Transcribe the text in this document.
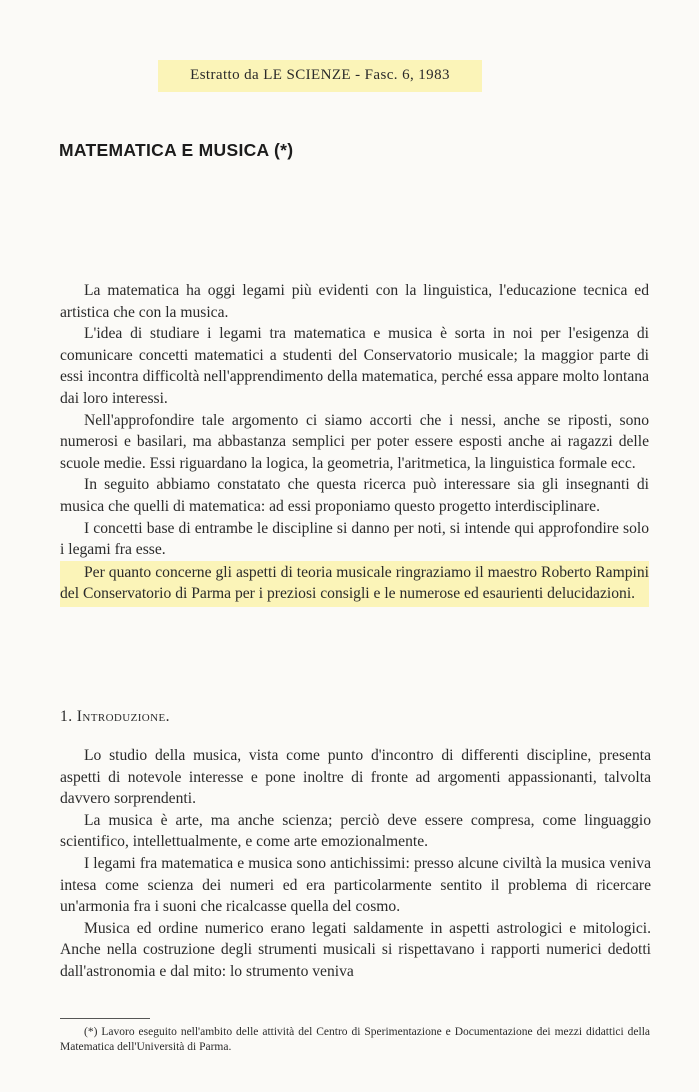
Estratto da LE SCIENZE - Fasc. 6, 1983
MATEMATICA E MUSICA (*)

La matematica ha oggi legami più evidenti con la linguistica, l'educazione tecnica ed artistica che con la musica.

L'idea di studiare i legami tra matematica e musica è sorta in noi per l'esigenza di comunicare concetti matematici a studenti del Conservatorio musicale; la maggior parte di essi incontra difficoltà nell'apprendimento della matematica, perché essa appare molto lontana dai loro interessi.

Nell'approfondire tale argomento ci siamo accorti che i nessi, anche se riposti, sono numerosi e basilari, ma abbastanza semplici per poter essere esposti anche ai ragazzi delle scuole medie. Essi riguardano la logica, la geometria, l'aritmetica, la linguistica formale ecc.

In seguito abbiamo constatato che questa ricerca può interessare sia gli insegnanti di musica che quelli di matematica: ad essi proponiamo questo progetto interdisciplinare.

I concetti base di entrambe le discipline si danno per noti, si intende qui approfondire solo i legami fra esse.

Per quanto concerne gli aspetti di teoria musicale ringraziamo il maestro Roberto Rampini del Conservatorio di Parma per i preziosi consigli e le numerose ed esaurienti delucidazioni.

1. Introduzione.

Lo studio della musica, vista come punto d'incontro di differenti discipline, presenta aspetti di notevole interesse e pone inoltre di fronte ad argomenti appassionanti, talvolta davvero sorprendenti.

La musica è arte, ma anche scienza; perciò deve essere compresa, come linguaggio scientifico, intellettualmente, e come arte emozionalmente.

I legami fra matematica e musica sono antichissimi: presso alcune civiltà la musica veniva intesa come scienza dei numeri ed era particolarmente sentito il problema di ricercare un'armonia fra i suoni che ricalcasse quella del cosmo.

Musica ed ordine numerico erano legati saldamente in aspetti astrologici e mitologici. Anche nella costruzione degli strumenti musicali si rispettavano i rapporti numerici dedotti dall'astronomia e dal mito: lo strumento veniva

(*) Lavoro eseguito nell'ambito delle attività del Centro di Sperimentazione e Documentazione dei mezzi didattici della Matematica dell'Università di Parma.
